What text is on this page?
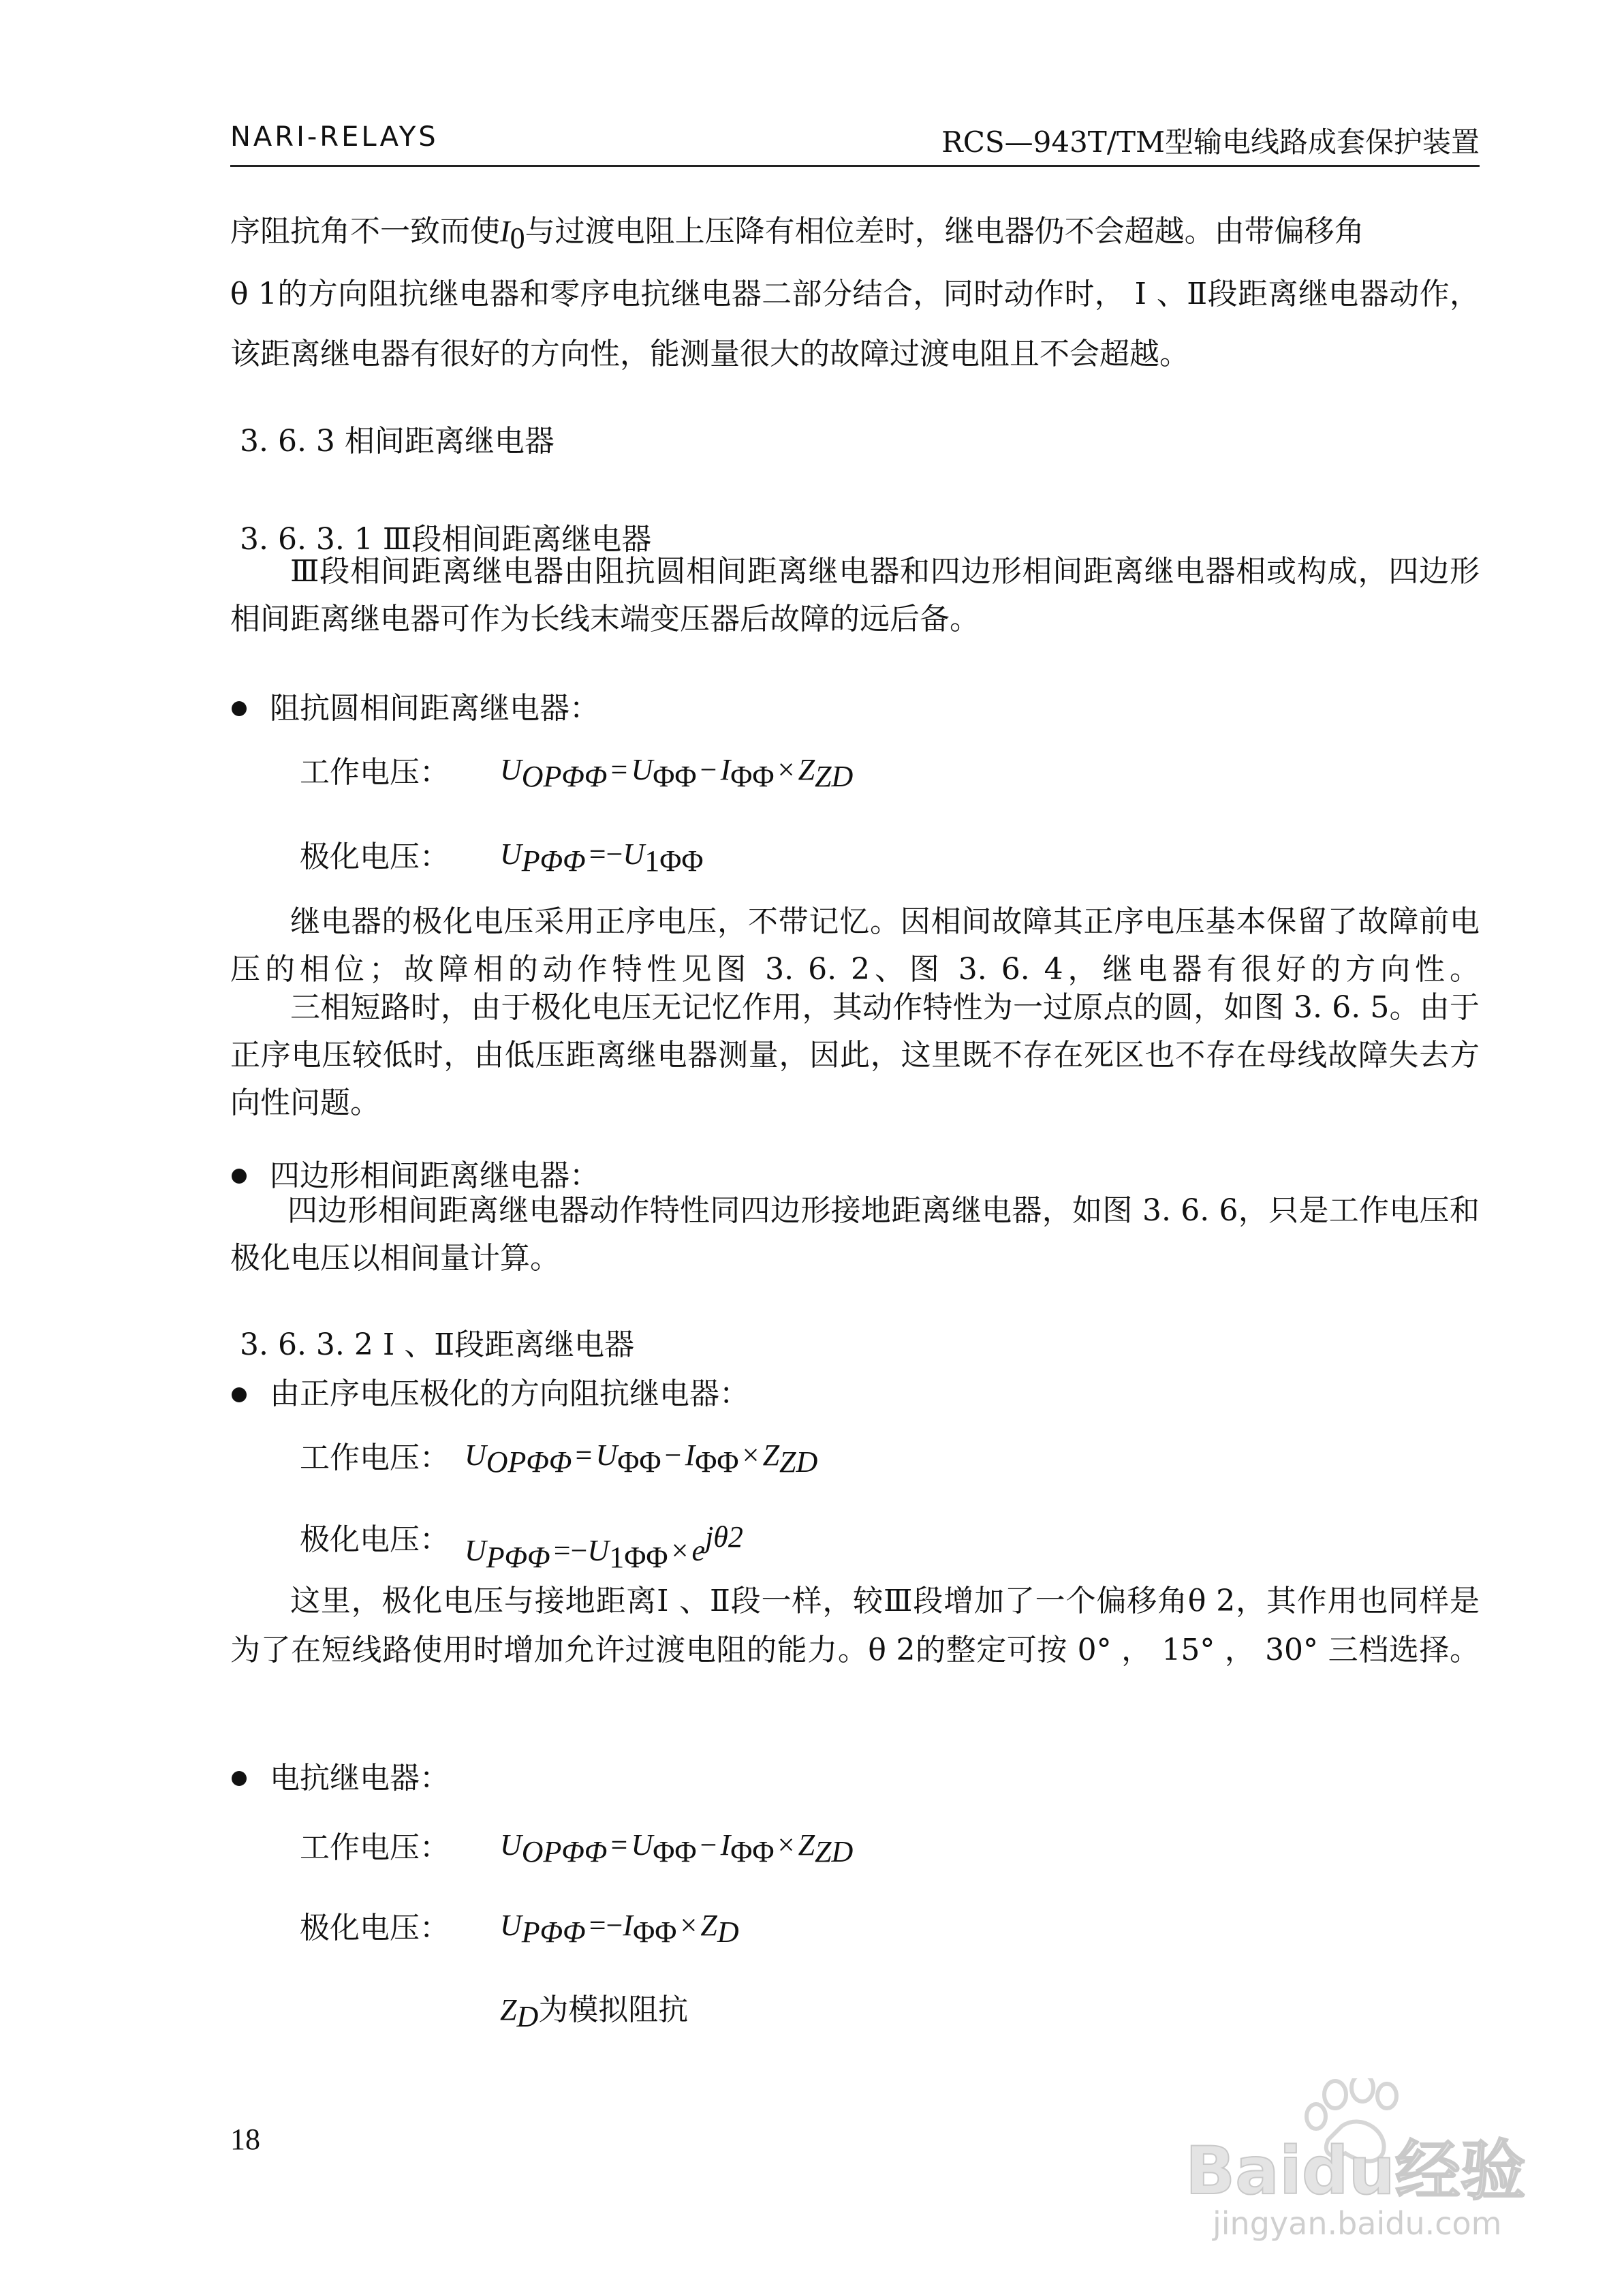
NARI-RELAYS	RCS—943T/TM型输电线路成套保护装置
序阻抗角不一致而使$I_0$与过渡电阻上压降有相位差时，继电器仍不会超越。由带偏移角
θ 1的方向阻抗继电器和零序电抗继电器二部分结合，同时动作时， Ⅰ 、Ⅱ段距离继电器动作，该距离继电器有很好的方向性，能测量很大的故障过渡电阻且不会超越。
3. 6. 3 相间距离继电器
3. 6. 3. 1 Ⅲ段相间距离继电器
Ⅲ段相间距离继电器由阻抗圆相间距离继电器和四边形相间距离继电器相或构成，四边形相间距离继电器可作为长线末端变压器后故障的远后备。
阻抗圆相间距离继电器：
工作电压： $U_{OP\Phi\Phi} = U_{\Phi\Phi} - I_{\Phi\Phi} \times Z_{ZD}$
极化电压： $U_{P\Phi\Phi} =-U_{1\Phi\Phi}$
继电器的极化电压采用正序电压，不带记忆。因相间故障其正序电压基本保留了故障前电压的相位；故障相的动作特性见图 3. 6. 2、图 3. 6. 4，继电器有很好的方向性。
三相短路时，由于极化电压无记忆作用，其动作特性为一过原点的圆，如图 3. 6. 5。由于正序电压较低时，由低压距离继电器测量，因此，这里既不存在死区也不存在母线故障失去方向性问题。
四边形相间距离继电器：
四边形相间距离继电器动作特性同四边形接地距离继电器，如图 3. 6. 6，只是工作电压和极化电压以相间量计算。
3. 6. 3. 2 Ⅰ 、Ⅱ段距离继电器
由正序电压极化的方向阻抗继电器：
工作电压： $U_{OP\Phi\Phi} = U_{\Phi\Phi} - I_{\Phi\Phi} \times Z_{ZD}$
极化电压： $U_{P\Phi\Phi} =-U_{1\Phi\Phi} \times e^{j\theta 2}$
这里，极化电压与接地距离Ⅰ 、Ⅱ段一样，较Ⅲ段增加了一个偏移角θ 2，其作用也同样是为了在短线路使用时增加允许过渡电阻的能力。θ 2的整定可按 0° ， 15° ， 30° 三档选择。
电抗继电器：
工作电压： $U_{OP\Phi\Phi} = U_{\Phi\Phi} - I_{\Phi\Phi} \times Z_{ZD}$
极化电压： $U_{P\Phi\Phi} =-I_{\Phi\Phi} \times Z_D$
$Z_D$为模拟阻抗
18	Baidu经验
jingyan.baidu.com
